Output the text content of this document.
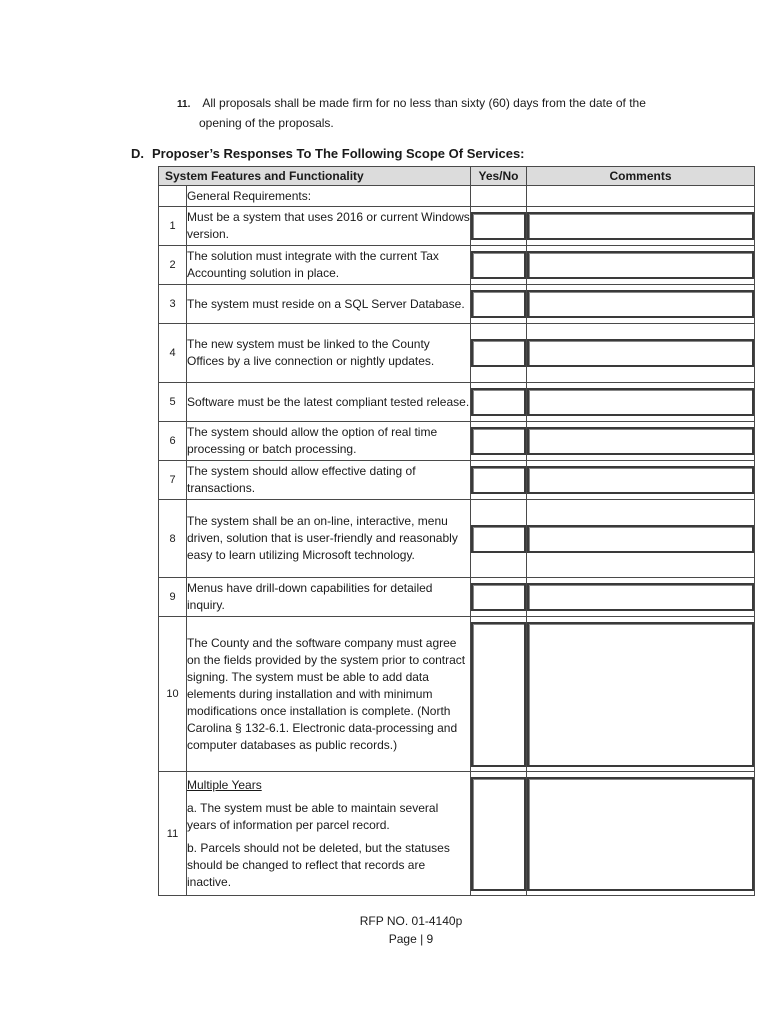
11. All proposals shall be made firm for no less than sixty (60) days from the date of the
opening of the proposals.
D. Proposer’s Responses To The Following Scope Of Services:
System Features and Functionality		Yes/No	Comments
	General Requirements:		
1	Must be a system that uses 2016 or current Windows version.	

2	The solution must integrate with the current Tax Accounting solution in place.	

3	The system must reside on a SQL Server Database.	

4	The new system must be linked to the County Offices by a live connection or nightly updates.	

5	Software must be the latest compliant tested release.	

6	The system should allow the option of real time processing or batch processing.	

7	The system should allow effective dating of transactions.	

8	The system shall be an on-line, interactive, menu driven, solution that is user-friendly and reasonably easy to learn utilizing Microsoft technology.	

9	Menus have drill-down capabilities for detailed inquiry.	

10	The County and the software company must agree on the fields provided by the system prior to contract signing. The system must be able to add data elements during installation and with minimum modifications once installation is complete. (North Carolina § 132-6.1. Electronic data-processing and computer databases as public records.)	

11	Multiple Years
a. The system must be able to maintain several years of information per parcel record.
b. Parcels should not be deleted, but the statuses should be changed to reflect that records are inactive.		

RFP NO. 01-4140p
Page | 9
